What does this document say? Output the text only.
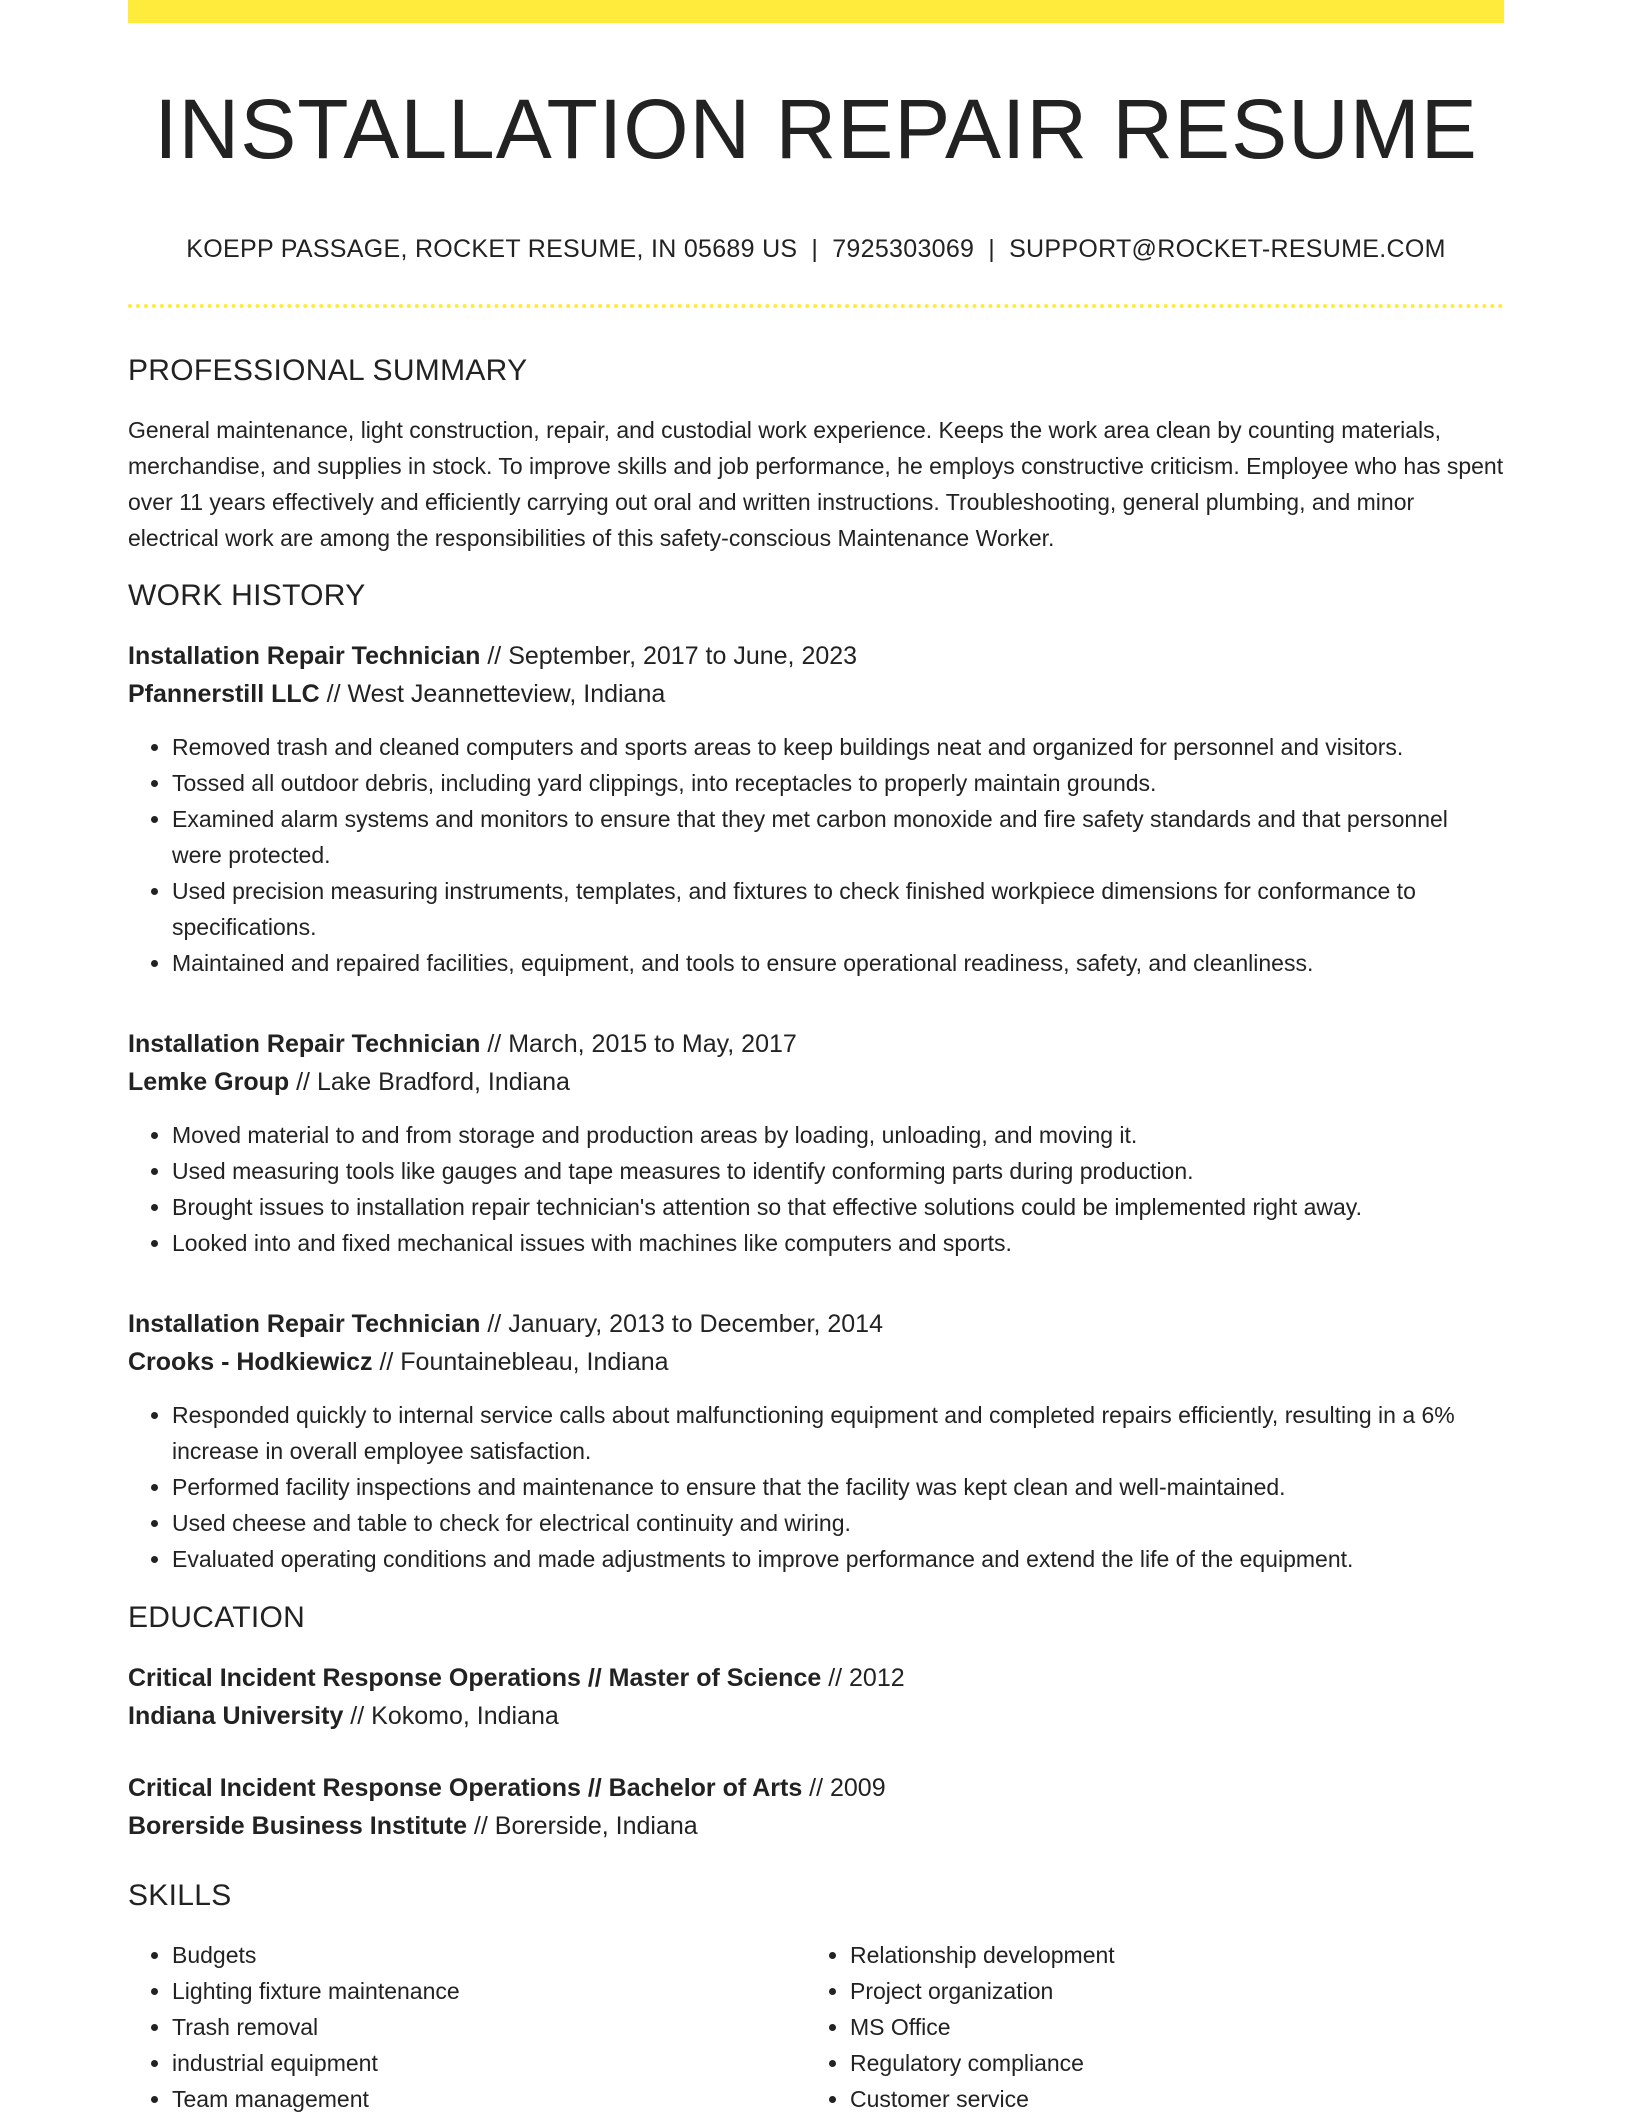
INSTALLATION REPAIR RESUME
KOEPP PASSAGE, ROCKET RESUME, IN 05689 US | 7925303069 | SUPPORT@ROCKET-RESUME.COM
PROFESSIONAL SUMMARY

General maintenance, light construction, repair, and custodial work experience. Keeps the work area clean by counting materials, merchandise, and supplies in stock. To improve skills and job performance, he employs constructive criticism. Employee who has spent over 11 years effectively and efficiently carrying out oral and written instructions. Troubleshooting, general plumbing, and minor electrical work are among the responsibilities of this safety-conscious Maintenance Worker.

WORK HISTORY
Installation Repair Technician // September, 2017 to June, 2023
Pfannerstill LLC // West Jeannetteview, Indiana
• Removed trash and cleaned computers and sports areas to keep buildings neat and organized for personnel and visitors.
• Tossed all outdoor debris, including yard clippings, into receptacles to properly maintain grounds.
• Examined alarm systems and monitors to ensure that they met carbon monoxide and fire safety standards and that personnel were protected.
• Used precision measuring instruments, templates, and fixtures to check finished workpiece dimensions for conformance to specifications.
• Maintained and repaired facilities, equipment, and tools to ensure operational readiness, safety, and cleanliness.
Installation Repair Technician // March, 2015 to May, 2017
Lemke Group // Lake Bradford, Indiana
• Moved material to and from storage and production areas by loading, unloading, and moving it.
• Used measuring tools like gauges and tape measures to identify conforming parts during production.
• Brought issues to installation repair technician's attention so that effective solutions could be implemented right away.
• Looked into and fixed mechanical issues with machines like computers and sports.
Installation Repair Technician // January, 2013 to December, 2014
Crooks - Hodkiewicz // Fountainebleau, Indiana
• Responded quickly to internal service calls about malfunctioning equipment and completed repairs efficiently, resulting in a 6% increase in overall employee satisfaction.
• Performed facility inspections and maintenance to ensure that the facility was kept clean and well-maintained.
• Used cheese and table to check for electrical continuity and wiring.
• Evaluated operating conditions and made adjustments to improve performance and extend the life of the equipment.
EDUCATION
Critical Incident Response Operations // Master of Science // 2012
Indiana University // Kokomo, Indiana
Critical Incident Response Operations // Bachelor of Arts // 2009
Borerside Business Institute // Borerside, Indiana
SKILLS
• Budgets
• Lighting fixture maintenance
• Trash removal
• industrial equipment
• Team management
• Relationship development
• Project organization
• MS Office
• Regulatory compliance
• Customer service
